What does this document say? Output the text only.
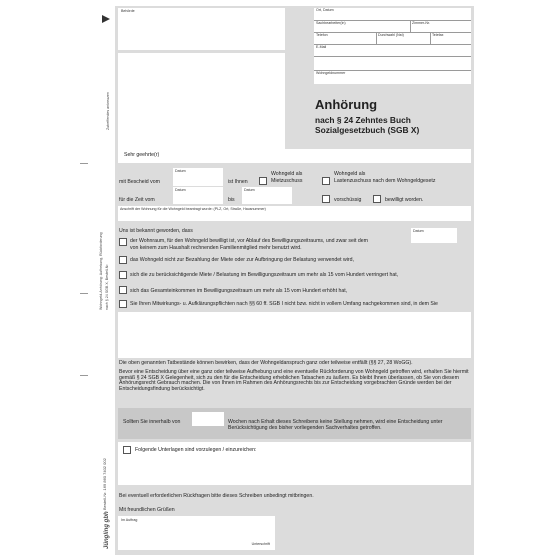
Behörde	Ort, Datum
Sachbearbeiter(in)	Zimmer-Nr.
Telefon	Durchwahl (Nst)	Telefax
E-Mail
Wohngeldnummer
Anhörung
nach § 24 Zehntes Buch
Sozialgesetzbuch (SGB X)
Sehr geehrte(r)
mit Bescheid vom
Datum
ist Ihnen
Wohngeld als
Mietzuschuss
Wohngeld als
Lastenzuschuss nach dem Wohngeldgesetz
für die Zeit vom
Datum
bis
Datum
vorschüssig	bewilligt worden.
Anschrift der Wohnung für die Wohngeld beantragt wurde: (PLZ, Ort, Straße, Hausnummer)
Uns ist bekannt geworden, dass
der Wohnraum, für den Wohngeld bewilligt ist, vor Ablauf des Bewilligungszeitraums, und zwar seit dem
von keinem zum Haushalt rechnenden Familienmitglied mehr benutzt wird.
Datum
das Wohngeld nicht zur Bezahlung der Miete oder zur Aufbringung der Belastung verwendet wird,
sich die zu berücksichtigende Miete / Belastung im Bewilligungszeitraum um mehr als 15 vom Hundert verringert hat,
sich das Gesamteinkommen im Bewilligungszeitraum um mehr als 15 vom Hundert erhöht hat,
Sie Ihren Mitwirkungs- u. Aufklärungspflichten nach §§ 60 ff. SGB I nicht bzw. nicht in vollem Umfang nachgekommen sind, in dem Sie
Die oben genannten Tatbestände können bewirken, dass der Wohngeldanspruch ganz oder teilweise entfällt (§§ 27, 28 WoGG).
Bevor eine Entscheidung über eine ganz oder teilweise Aufhebung und eine eventuelle Rückforderung von Wohngeld getroffen wird, erhalten Sie hiermit gemäß § 24 SGB X Gelegenheit, sich zu den für die Entscheidung erheblichen Tatsachen zu äußern. Es bleibt Ihnen überlassen, ob Sie von diesem Anhörungsrecht Gebrauch machen. Die von Ihnen im Rahmen des Anhörungsrechts bis zur Entscheidung vorgebrachten Gründe werden bei der Entscheidungsfindung berücksichtigt.
Sollten Sie innerhalb von	Wochen nach Erhalt dieses Schreibens keine Stellung nehmen, wird eine Entscheidung unter Berücksichtigung des bisher vorliegenden Sachverhaltes getroffen.
Folgende Unterlagen sind vorzulegen / einzureichen:
Bei eventuell erforderlichen Rückfragen bitte dieses Schreiben unbedingt mitbringen.
Mit freundlichen Grüßen
Im Auftrag
Unterschrift
Zutreffendes ankreuzen
Wohngeld-Anhörung: Aufhebung, Rückforderung nach § 24 SGB X, Bestell-Nr.
Bestell-Nr. 169 860 7402 002
Jüngling gbh
